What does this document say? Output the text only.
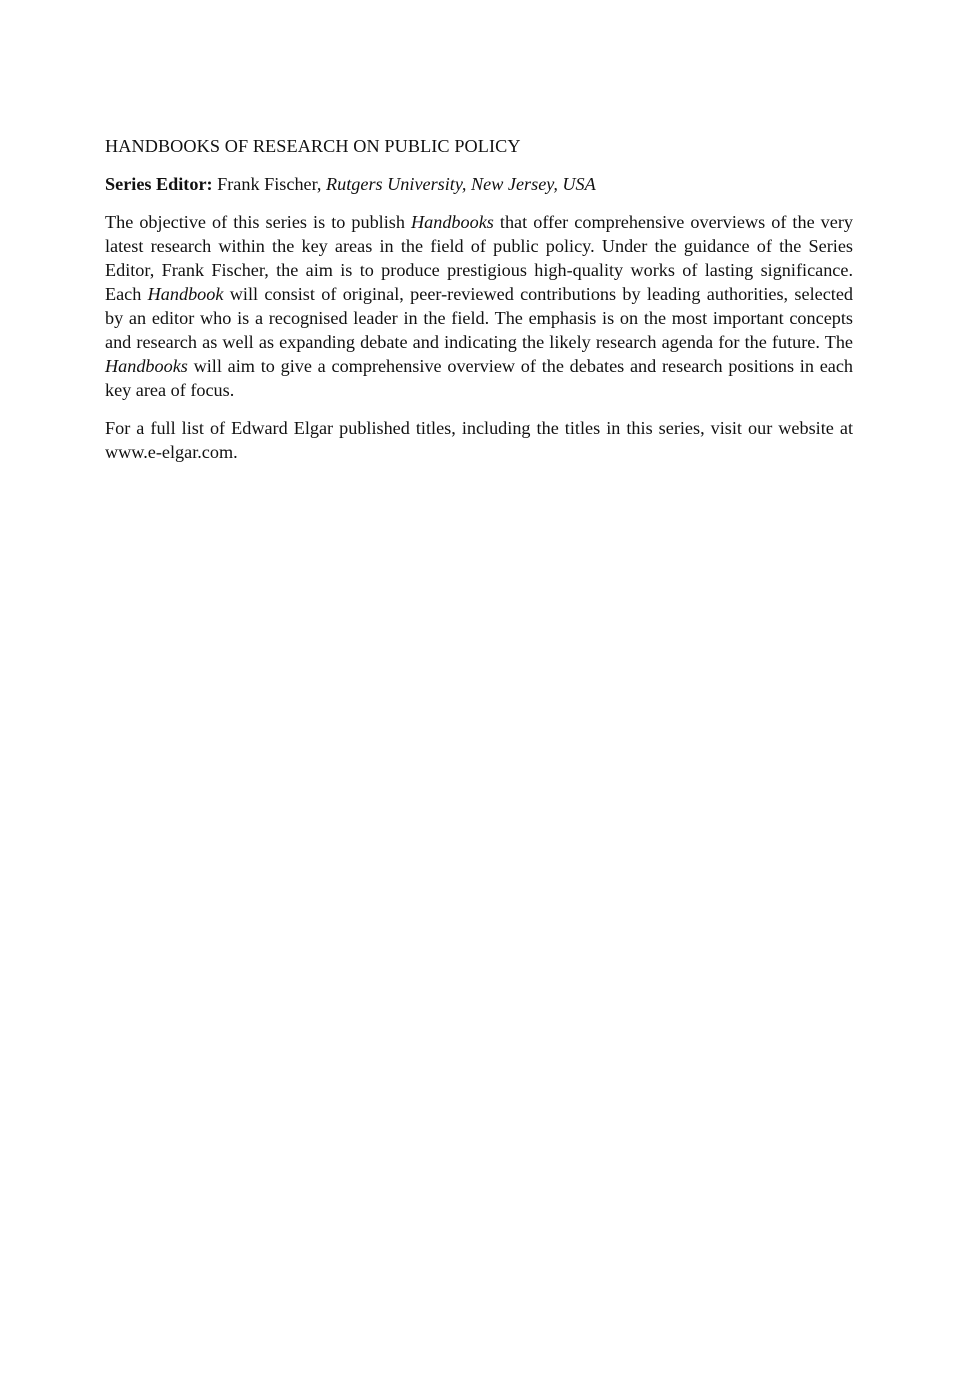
HANDBOOKS OF RESEARCH ON PUBLIC POLICY

Series Editor: Frank Fischer, Rutgers University, New Jersey, USA

The objective of this series is to publish Handbooks that offer comprehensive overviews of the very latest research within the key areas in the field of public policy. Under the guidance of the Series Editor, Frank Fischer, the aim is to produce prestigious high-quality works of lasting significance. Each Handbook will consist of original, peer-reviewed contributions by leading authorities, selected by an editor who is a recognised leader in the field. The emphasis is on the most important concepts and research as well as expanding debate and indicating the likely research agenda for the future. The Handbooks will aim to give a comprehensive overview of the debates and research positions in each key area of focus.

For a full list of Edward Elgar published titles, including the titles in this series, visit our website at www.e-elgar.com.
